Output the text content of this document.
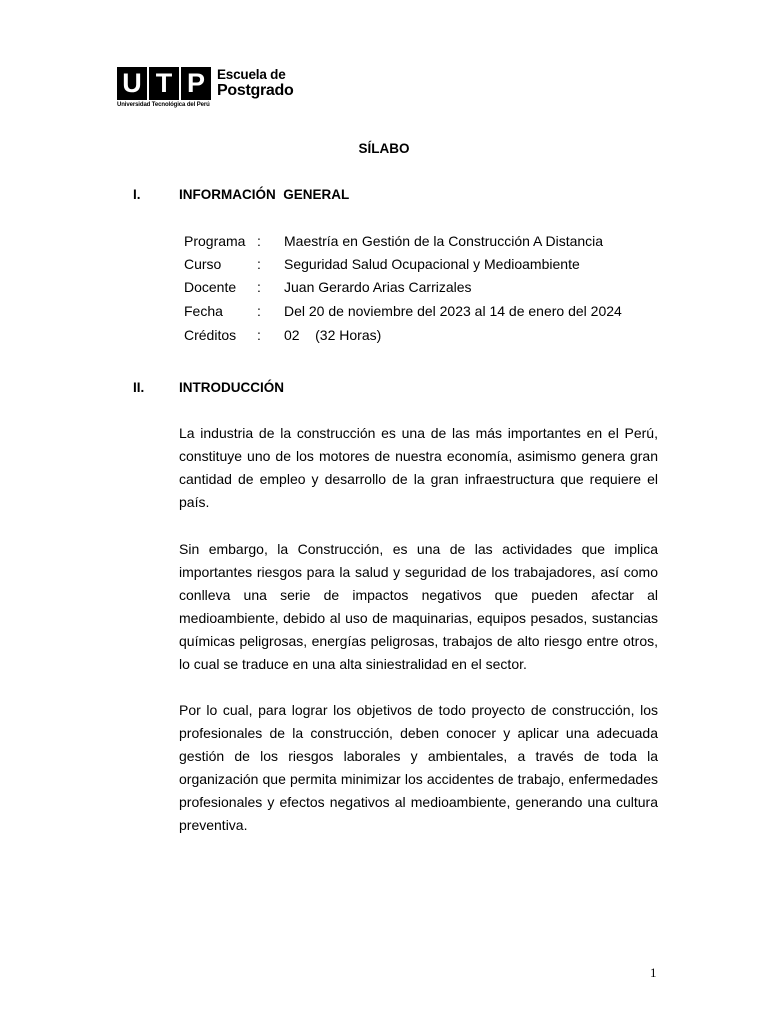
U T P Escuela de
Postgrado
Universidad Tecnológica del Perú
SÍLABO
I.	INFORMACIÓN  GENERAL
Programa : Maestría en Gestión de la Construcción A Distancia
Curso	: Seguridad Salud Ocupacional y Medioambiente
Docente : Juan Gerardo Arias Carrizales
Fecha : Del 20 de noviembre del 2023 al 14 de enero del 2024
Créditos : 02    (32 Horas)
II.	INTRODUCCIÓN

La industria de la construcción es una de las más importantes en el Perú, constituye uno de los motores de nuestra economía, asimismo genera gran cantidad de empleo y desarrollo de la gran infraestructura que requiere el país.

Sin embargo, la Construcción, es una de las actividades que implica importantes riesgos para la salud y seguridad de los trabajadores, así como conlleva una serie de impactos negativos que pueden afectar al medioambiente, debido al uso de maquinarias, equipos pesados, sustancias químicas peligrosas, energías peligrosas, trabajos de alto riesgo entre otros, lo cual se traduce en una alta siniestralidad en el sector.

Por lo cual, para lograr los objetivos de todo proyecto de construcción, los profesionales de la construcción, deben conocer y aplicar una adecuada gestión de los riesgos laborales y ambientales, a través de toda la organización que permita minimizar los accidentes de trabajo, enfermedades profesionales y efectos negativos al medioambiente, generando una cultura preventiva.

1
